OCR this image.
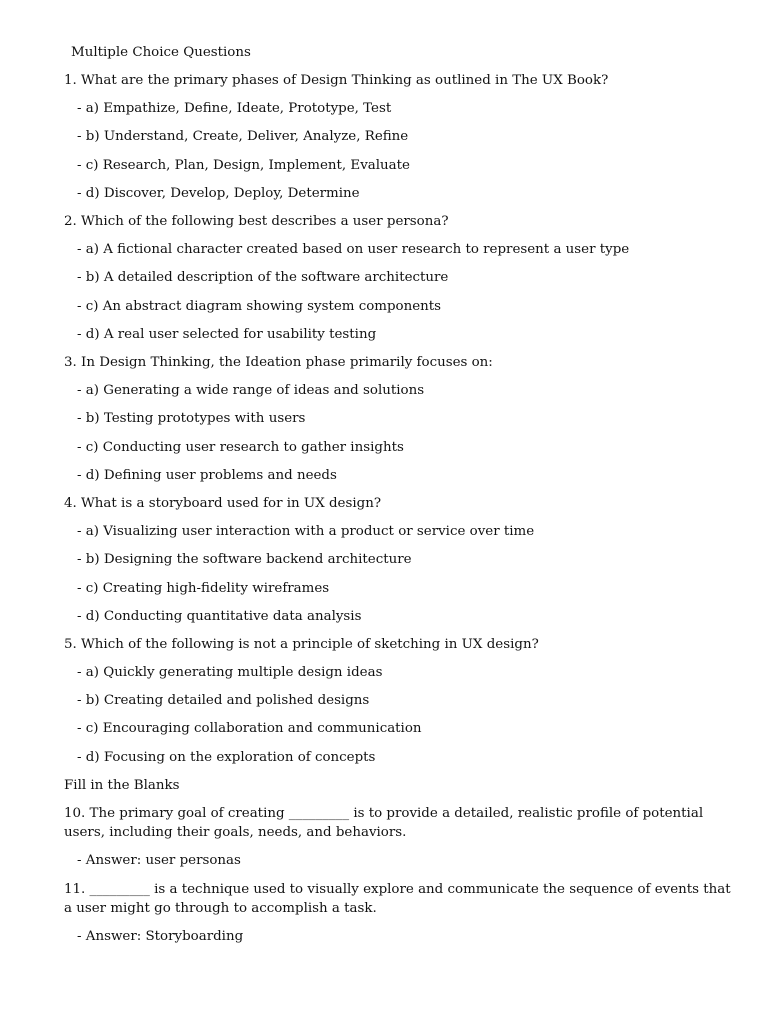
Multiple Choice Questions
1. What are the primary phases of Design Thinking as outlined in The UX Book?
- a) Empathize, Define, Ideate, Prototype, Test
- b) Understand, Create, Deliver, Analyze, Refine
- c) Research, Plan, Design, Implement, Evaluate
- d) Discover, Develop, Deploy, Determine
2. Which of the following best describes a user persona?
- a) A fictional character created based on user research to represent a user type
- b) A detailed description of the software architecture
- c) An abstract diagram showing system components
- d) A real user selected for usability testing
3. In Design Thinking, the Ideation phase primarily focuses on:
- a) Generating a wide range of ideas and solutions
- b) Testing prototypes with users
- c) Conducting user research to gather insights
- d) Defining user problems and needs
4. What is a storyboard used for in UX design?
- a) Visualizing user interaction with a product or service over time
- b) Designing the software backend architecture
- c) Creating high-fidelity wireframes
- d) Conducting quantitative data analysis
5. Which of the following is not a principle of sketching in UX design?
- a) Quickly generating multiple design ideas
- b) Creating detailed and polished designs
- c) Encouraging collaboration and communication
- d) Focusing on the exploration of concepts
Fill in the Blanks
10. The primary goal of creating _________ is to provide a detailed, realistic profile of potential users, including their goals, needs, and behaviors.
- Answer: user personas
11. _________ is a technique used to visually explore and communicate the sequence of events that a user might go through to accomplish a task.
- Answer: Storyboarding
